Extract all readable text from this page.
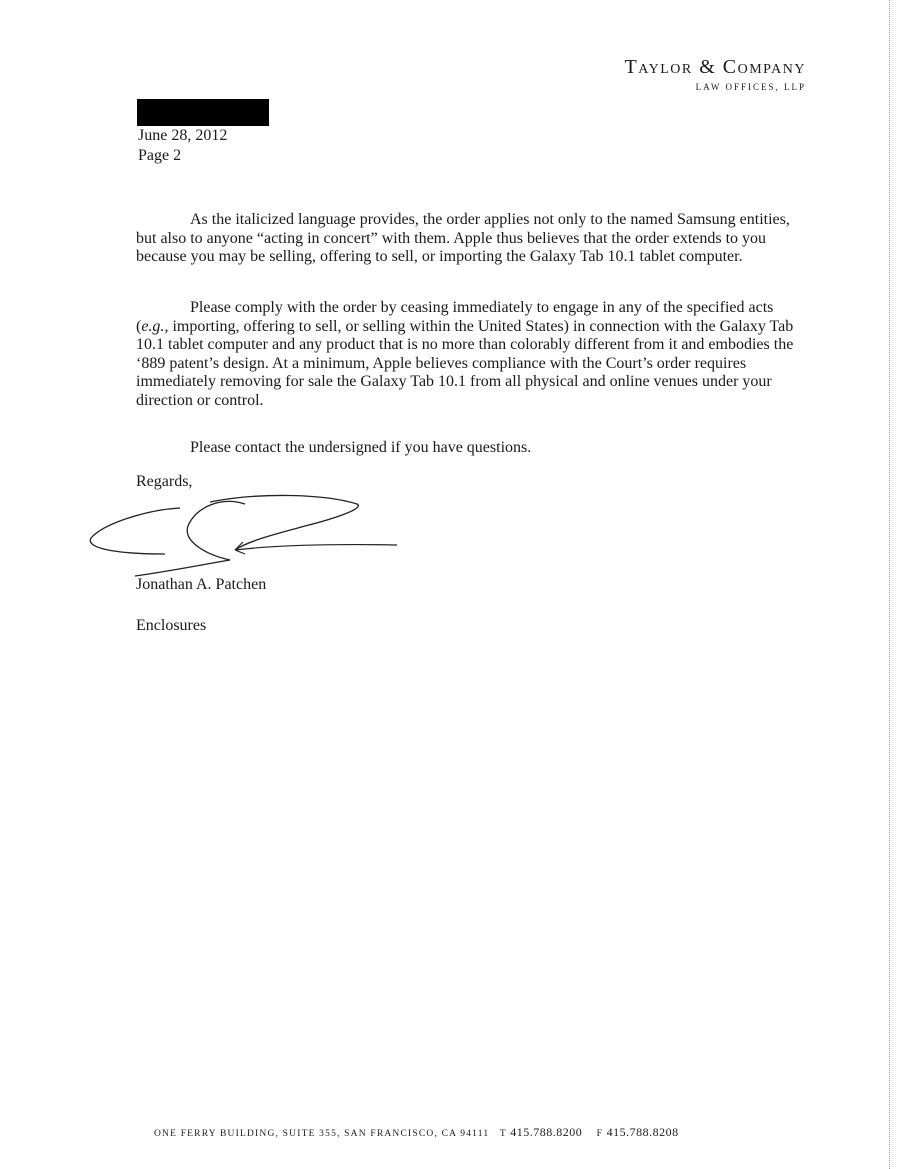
Taylor & Company
LAW OFFICES, LLP
June 28, 2012
Page 2

As the italicized language provides, the order applies not only to the named Samsung entities, but also to anyone “acting in concert” with them. Apple thus believes that the order extends to you because you may be selling, offering to sell, or importing the Galaxy Tab 10.1 tablet computer.

Please comply with the order by ceasing immediately to engage in any of the specified acts (e.g., importing, offering to sell, or selling within the United States) in connection with the Galaxy Tab 10.1 tablet computer and any product that is no more than colorably different from it and embodies the ‘889 patent’s design. At a minimum, Apple believes compliance with the Court’s order requires immediately removing for sale the Galaxy Tab 10.1 from all physical and online venues under your direction or control.

Please contact the undersigned if you have questions.

Regards,
Jonathan A. Patchen
Enclosures
ONE FERRY BUILDING, SUITE 355, SAN FRANCISCO, CA 94111 T 415.788.8200 F 415.788.8208
